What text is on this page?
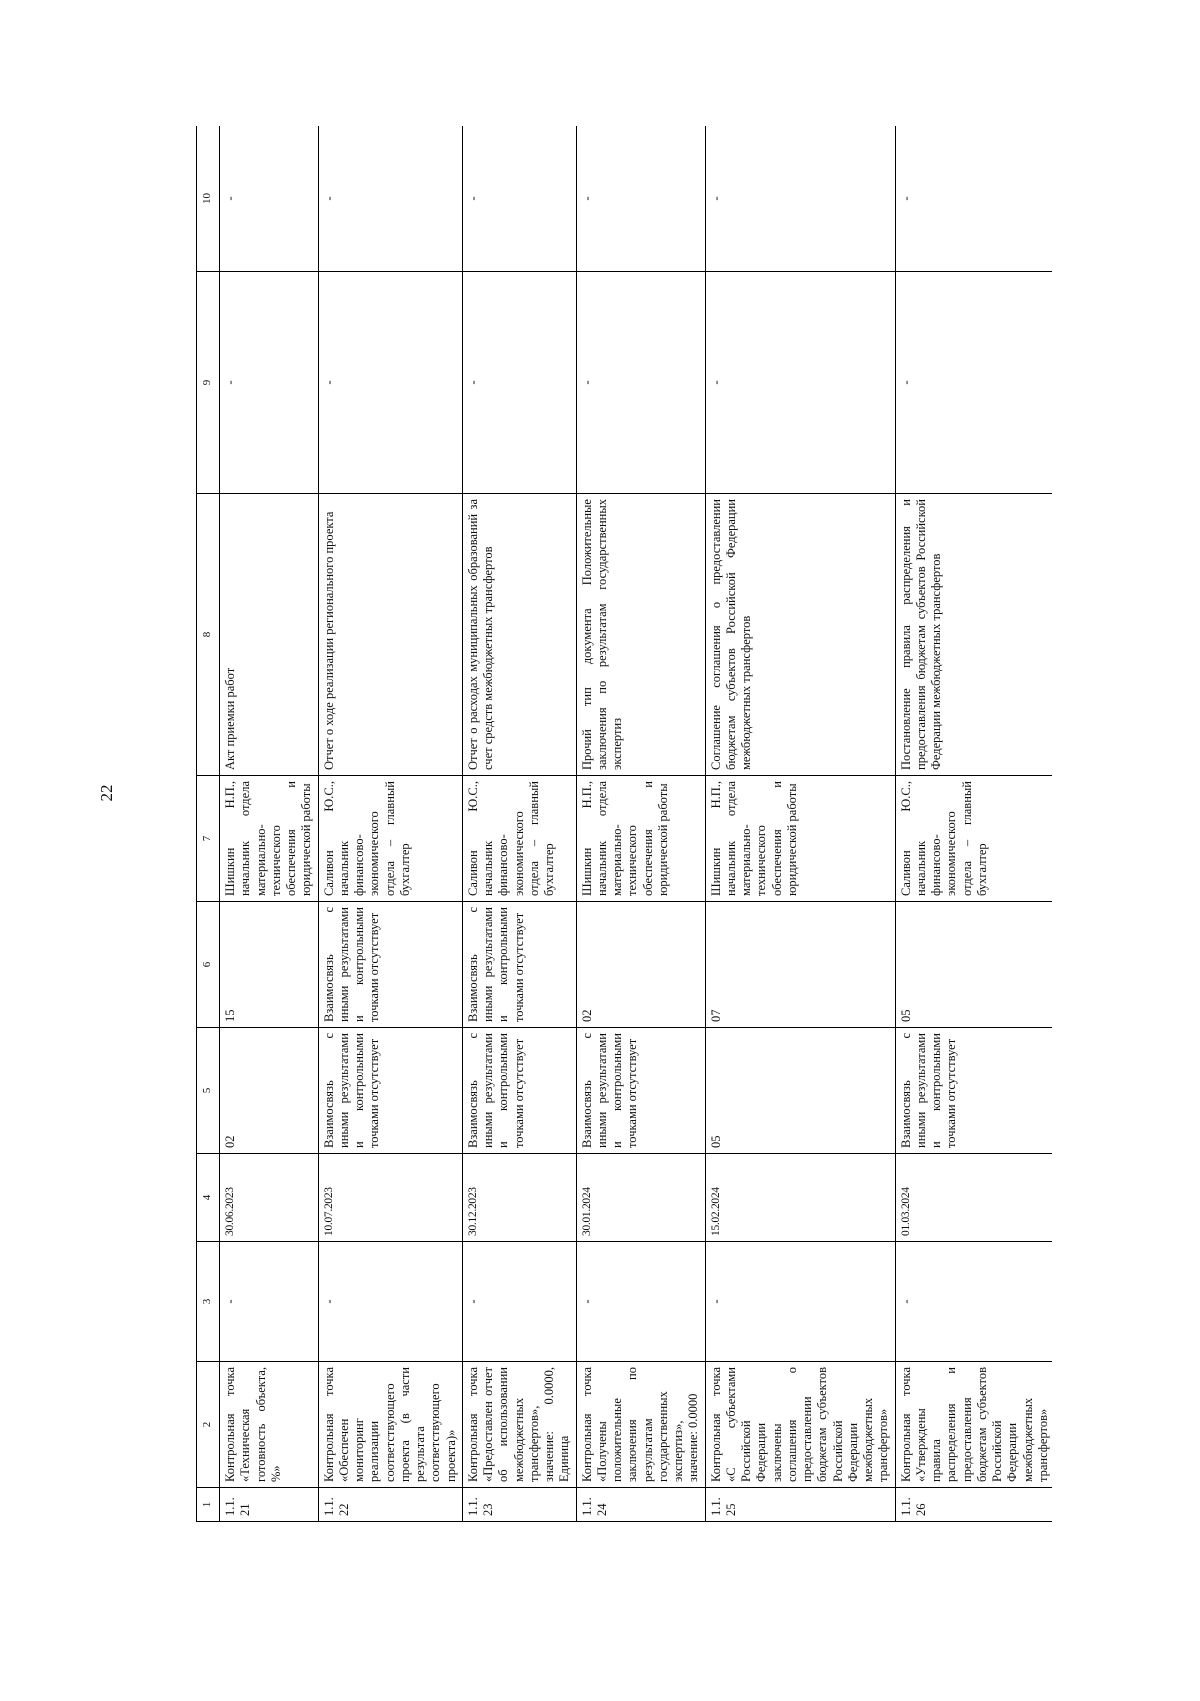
22
1	2	3	4	5	6	7	8	9	10
1.1.21	Контрольная точка «Техническая готовность объекта, %»	-	30.06.2023	02	15	Шишкин Н.П., начальник отдела материально-технического обеспечения и юридической работы	Акт приемки работ	-	-
1.1.22	Контрольная точка «Обеспечен мониторинг реализации соответствующего проекта (в части результата соответствующего проекта)»	-	10.07.2023	Взаимосвязь с иными результатами и контрольными точками отсутствует	Взаимосвязь с иными результатами и контрольными точками отсутствует	Саливон Ю.С., начальник финансово-экономического отдела – главный бухгалтер	Отчет о ходе реализации регионального проекта	-	-
1.1.23	Контрольная точка «Предоставлен отчет об использовании межбюджетных трансфертов», значение: 0.0000, Единица	-	30.12.2023	Взаимосвязь с иными результатами и контрольными точками отсутствует	Взаимосвязь с иными результатами и контрольными точками отсутствует	Саливон Ю.С., начальник финансово-экономического отдела – главный бухгалтер	Отчет о расходах муниципальных образований за счет средств межбюджетных трансфертов	-	-
1.1.24	Контрольная точка «Получены положительные заключения по результатам государственных экспертиз», значение: 0.0000	-	30.01.2024	Взаимосвязь с иными результатами и контрольными точками отсутствует	02	Шишкин Н.П., начальник отдела материально-технического обеспечения и юридической работы	Прочий тип документа Положительные заключения по результатам государственных экспертиз	-	-
1.1.25	Контрольная точка «С субъектами Российской Федерации заключены соглашения о предоставлении бюджетам субъектов Российской Федерации межбюджетных трансфертов»	-	15.02.2024	05	07	Шишкин Н.П., начальник отдела материально-технического обеспечения и юридической работы	Соглашение соглашения о предоставлении бюджетам субъектов Российской Федерации межбюджетных трансфертов	-	-
1.1.26	Контрольная точка «Утверждены правила распределения и предоставления бюджетам субъектов Российской Федерации межбюджетных трансфертов»	-	01.03.2024	Взаимосвязь с иными результатами и контрольными точками отсутствует	05	Саливон Ю.С., начальник финансово-экономического отдела – главный бухгалтер	Постановление правила распределения и предоставления бюджетам субъектов Российской Федерации межбюджетных трансфертов	-	-
